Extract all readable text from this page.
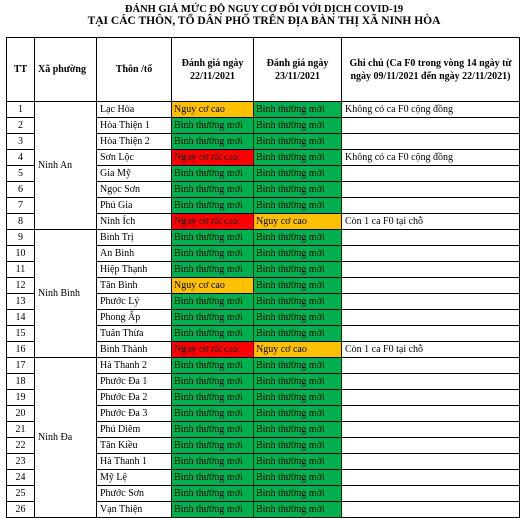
ĐÁNH GIÁ MỨC ĐỘ NGUY CƠ ĐỐI VỚI DỊCH COVID-19
TẠI CÁC THÔN, TỔ DÂN PHỐ TRÊN ĐỊA BÀN THỊ XÃ NINH HÒA
TT	Xã phường	Thôn /tổ	Đánh giá ngày 22/11/2021	Đánh giá ngày 23/11/2021	Ghi chú (Ca F0 trong vòng 14 ngày từ ngày 09/11/2021 đến ngày 22/11/2021)
1	Ninh An	Lạc Hòa	Nguy cơ cao	Bình thường mới	Không có ca F0 cộng đồng
2		Hòa Thiện 1	Bình thường mới	Bình thường mới	
3		Hòa Thiện 2	Bình thường mới	Bình thường mới	
4		Sơn Lộc	Nguy cơ rất cao	Bình thường mới	Không có ca F0 cộng đồng
5		Gia Mỹ	Bình thường mới	Bình thường mới	
6		Ngọc Sơn	Bình thường mới	Bình thường mới	
7		Phú Gia	Bình thường mới	Bình thường mới	
8		Ninh Ích	Nguy cơ rất cao	Nguy cơ cao	Còn 1 ca F0 tại chỗ
9	Ninh Bình	Bình Trị	Bình thường mới	Bình thường mới	
10		An Bình	Bình thường mới	Bình thường mới	
11		Hiệp Thạnh	Bình thường mới	Bình thường mới	
12		Tân Bình	Nguy cơ cao	Bình thường mới	
13		Phước Lý	Bình thường mới	Bình thường mới	
14		Phong Ấp	Bình thường mới	Bình thường mới	
15		Tuân Thừa	Bình thường mới	Bình thường mới	
16		Bình Thành	Nguy cơ rất cao	Nguy cơ cao	Còn 1 ca F0 tại chỗ
17	Ninh Đa	Hà Thanh 2	Bình thường mới	Bình thường mới	
18		Phước Đa 1	Bình thường mới	Bình thường mới	
19		Phước Đa 2	Bình thường mới	Bình thường mới	
20		Phước Đa 3	Bình thường mới	Bình thường mới	
21		Phú Diêm	Bình thường mới	Bình thường mới	
22		Tân Kiều	Bình thường mới	Bình thường mới	
23		Hà Thanh 1	Bình thường mới	Bình thường mới	
24		Mỹ Lệ	Bình thường mới	Bình thường mới	
25		Phước Sơn	Bình thường mới	Bình thường mới	
26		Vạn Thiện	Bình thường mới	Bình thường mới	
